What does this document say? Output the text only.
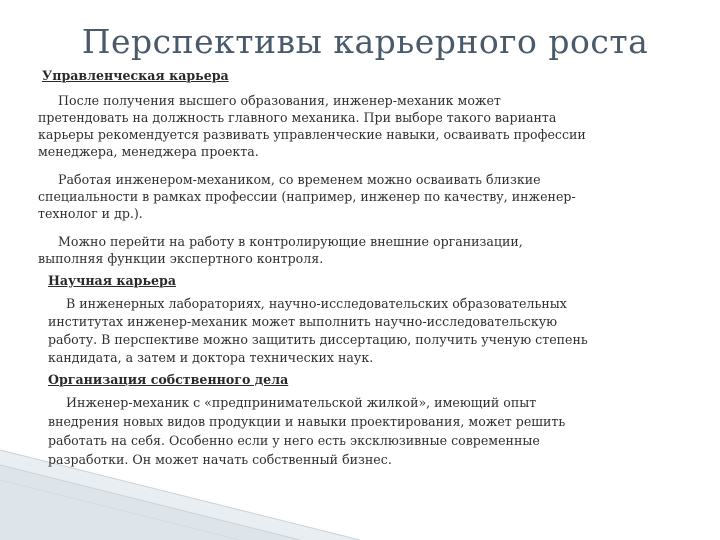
Перспективы карьерного роста
Управленческая карьера
После получения высшего образования, инженер-механик может
претендовать на должность главного механика. При выборе такого варианта
карьеры рекомендуется развивать управленческие навыки, осваивать профессии
менеджера, менеджера проекта.
Работая инженером-механиком, со временем можно осваивать близкие
специальности в рамках профессии (например, инженер по качеству, инженер-
технолог и др.).
Можно перейти на работу в контролирующие внешние организации,
выполняя функции экспертного контроля.
Научная карьера
В инженерных лабораториях, научно-исследовательских образовательных
институтах инженер-механик может выполнить научно-исследовательскую
работу. В перспективе можно защитить диссертацию, получить ученую степень
кандидата, а затем и доктора технических наук.
Организация собственного дела
Инженер-механик с «предпринимательской жилкой», имеющий опыт
внедрения новых видов продукции и навыки проектирования, может решить
работать на себя. Особенно если у него есть эксклюзивные современные
разработки. Он может начать собственный бизнес.
